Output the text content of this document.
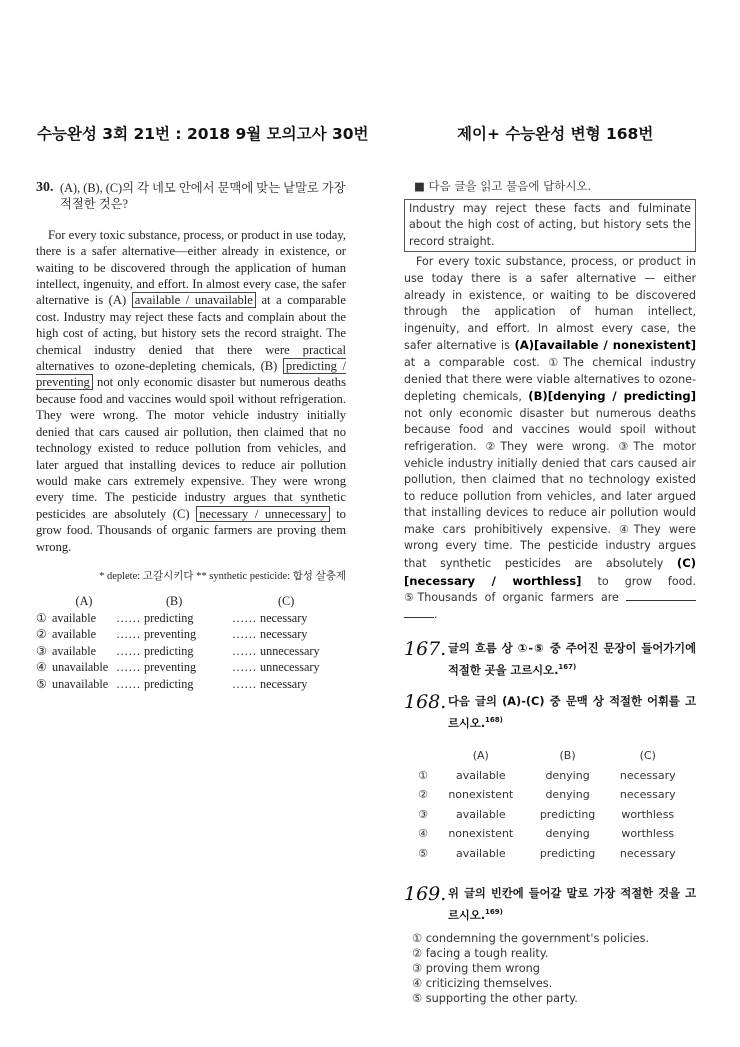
수능완성 3회 21번 : 2018 9월 모의고사 30번	제이+ 수능완성 변형 168번
30. (A), (B), (C)의 각 네모 안에서 문맥에 맞는 낱말로 가장 적절한 것은?

For every toxic substance, process, or product in use today, there is a safer alternative—either already in existence, or waiting to be discovered through the application of human intellect, ingenuity, and effort. In almost every case, the safer alternative is (A) available / unavailable at a comparable cost. Industry may reject these facts and complain about the high cost of acting, but history sets the record straight. The chemical industry denied that there were practical alternatives to ozone-depleting chemicals, (B) predicting / preventing not only economic disaster but numerous deaths because food and vaccines would spoil without refrigeration. They were wrong. The motor vehicle industry initially denied that cars caused air pollution, then claimed that no technology existed to reduce pollution from vehicles, and later argued that installing devices to reduce air pollution would make cars extremely expensive. They were wrong every time. The pesticide industry argues that synthetic pesticides are absolutely (C) necessary / unnecessary to grow food. Thousands of organic farmers are proving them wrong.

* deplete: 고갈시키다 ** synthetic pesticide: 합성 살충제
	(A)		(B)		(C)
①	available	……	predicting	……	necessary
②	available	……	preventing	……	necessary
③	available	……	predicting	……	unnecessary
④	unavailable	……	preventing	……	unnecessary
⑤	unavailable	……	predicting	……	necessary
■ 다음 글을 읽고 물음에 답하시오.
Industry may reject these facts and fulminate about the high cost of acting, but history sets the record straight.

For every toxic substance, process, or product in use today there is a safer alternative — either already in existence, or waiting to be discovered through the application of human intellect, ingenuity, and effort. In almost every case, the safer alternative is (A)[available / nonexistent] at a comparable cost. ①The chemical industry denied that there were viable alternatives to ozone-depleting chemicals, (B)[denying / predicting] not only economic disaster but numerous deaths because food and vaccines would spoil without refrigeration. ②They were wrong. ③The motor vehicle industry initially denied that cars caused air pollution, then claimed that no technology existed to reduce pollution from vehicles, and later argued that installing devices to reduce air pollution would make cars prohibitively expensive. ④They were wrong every time. The pesticide industry argues that synthetic pesticides are absolutely (C)[necessary / worthless] to grow food. ⑤Thousands of organic farmers are  .

167. 글의 흐름 상 ①-⑤ 중 주어진 문장이 들어가기에 적절한 곳을 고르시오.$^{167)}$
168. 다음 글의 (A)-(C) 중 문맥 상 적절한 어휘를 고르시오.$^{168)}$
	(A)	(B)	(C)
①	available	denying	necessary
②	nonexistent	denying	necessary
③	available	predicting	worthless
④	nonexistent	denying	worthless
⑤	available	predicting	necessary
169. 위 글의 빈칸에 들어갈 말로 가장 적절한 것을 고르시오.$^{169)}$
① condemning the government's policies.
② facing a tough reality.
③ proving them wrong
④ criticizing themselves.
⑤ supporting the other party.
